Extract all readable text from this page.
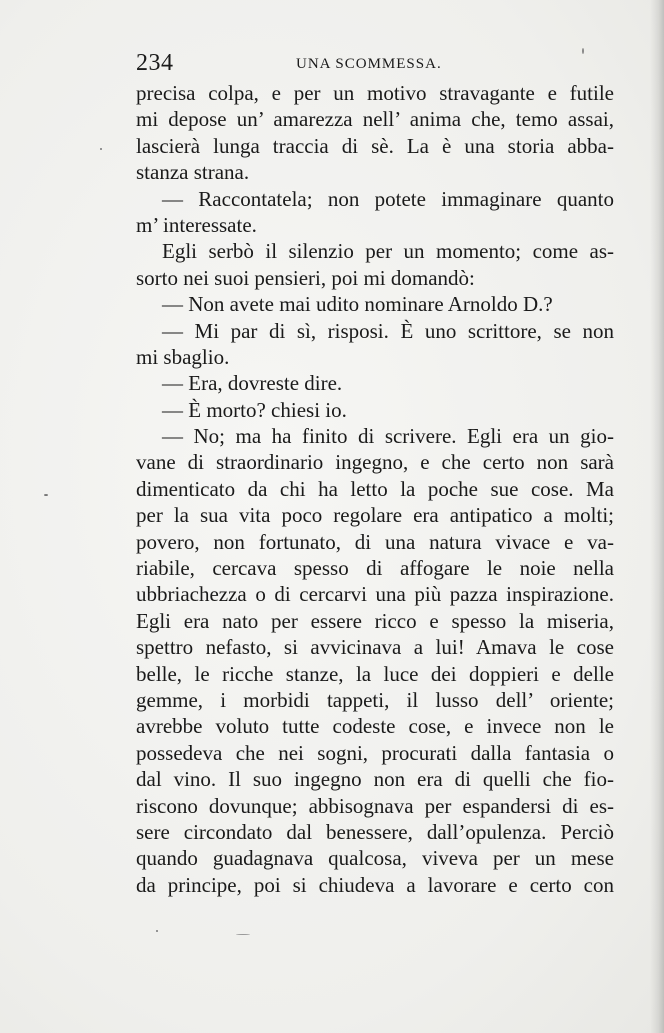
234	UNA SCOMMESSA.
precisa colpa, e per un motivo stravagante e futile
mi depose un’ amarezza nell’ anima che, temo assai,
lascierà lunga traccia di sè. La è una storia abba-
stanza strana.
— Raccontatela; non potete immaginare quanto
m’ interessate.
Egli serbò il silenzio per un momento; come as-
sorto nei suoi pensieri, poi mi domandò:
— Non avete mai udito nominare Arnoldo D.?
— Mi par di sì, risposi. È uno scrittore, se non
mi sbaglio.
— Era, dovreste dire.
— È morto? chiesi io.
— No; ma ha finito di scrivere. Egli era un gio-
vane di straordinario ingegno, e che certo non sarà
dimenticato da chi ha letto la poche sue cose. Ma
per la sua vita poco regolare era antipatico a molti;
povero, non fortunato, di una natura vivace e va-
riabile, cercava spesso di affogare le noie nella
ubbriachezza o di cercarvi una più pazza inspirazione.
Egli era nato per essere ricco e spesso la miseria,
spettro nefasto, si avvicinava a lui! Amava le cose
belle, le ricche stanze, la luce dei doppieri e delle
gemme, i morbidi tappeti, il lusso dell’ oriente;
avrebbe voluto tutte codeste cose, e invece non le
possedeva che nei sogni, procurati dalla fantasia o
dal vino. Il suo ingegno non era di quelli che fio-
riscono dovunque; abbisognava per espandersi di es-
sere circondato dal benessere, dall’opulenza. Perciò
quando guadagnava qualcosa, viveva per un mese
da principe, poi si chiudeva a lavorare e certo con
